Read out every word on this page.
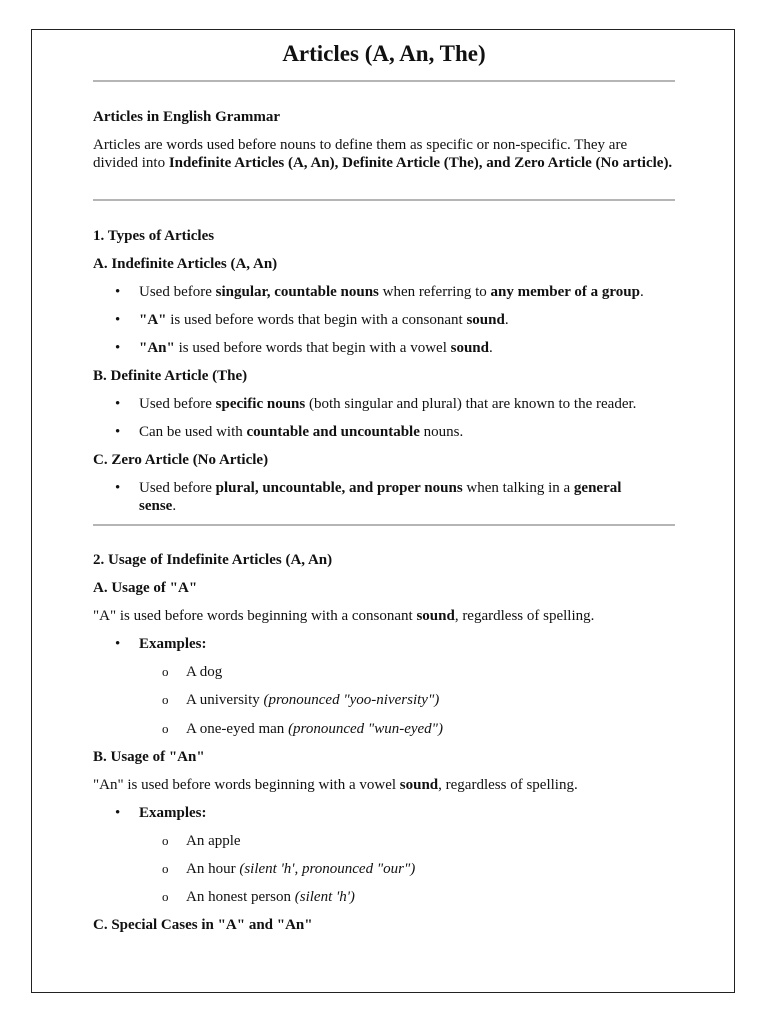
Articles (A, An, The)
Articles in English Grammar
Articles are words used before nouns to define them as specific or non-specific. They are divided into Indefinite Articles (A, An), Definite Article (The), and Zero Article (No article).
1. Types of Articles
A. Indefinite Articles (A, An)
• Used before singular, countable nouns when referring to any member of a group.
• "A" is used before words that begin with a consonant sound.
• "An" is used before words that begin with a vowel sound.
B. Definite Article (The)
• Used before specific nouns (both singular and plural) that are known to the reader.
• Can be used with countable and uncountable nouns.
C. Zero Article (No Article)
• Used before plural, uncountable, and proper nouns when talking in a general
sense.
2. Usage of Indefinite Articles (A, An)
A. Usage of "A"
"A" is used before words beginning with a consonant sound, regardless of spelling.
• Examples:
o A dog
o A university (pronounced "yoo-niversity")
o A one-eyed man (pronounced "wun-eyed")
B. Usage of "An"
"An" is used before words beginning with a vowel sound, regardless of spelling.
• Examples:
o An apple
o An hour (silent 'h', pronounced "our")
o An honest person (silent 'h')
C. Special Cases in "A" and "An"
